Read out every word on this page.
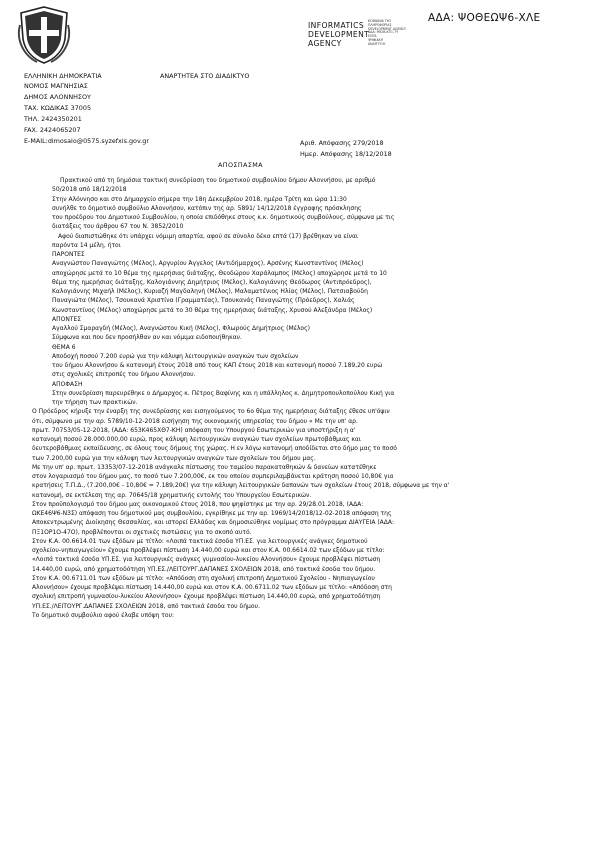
ΕΛΛΗΝΙΚΗ ΔΗΜΟΚΡΑΤΙΑ	ΑΝΑΡΤΗΤΕΑ ΣΤΟ ΔΙΑΔΙΚΤΥΟ
ΝΟΜΟΣ ΜΑΓΝΗΣΙΑΣ
ΔΗΜΟΣ ΑΛΟΝΝΗΣΟΥ
ΤΑΧ. ΚΩΔΙΚΑΣ 37005
ΤΗΛ. 2424350201
FAX. 2424065207
E-MAIL:dimosalo@0575.syzefxis.gov.gr	Αριθ. Απόφασης 279/2018
Ημερ. Απόφασης 18/12/2018
ΑΔΑ: ΨΟΘΕΩΨ6-ΧΛΕ
INFORMATICS
DEVELOPMENT
AGENCY
ΚΟΙΝΩΝΙΑ ΤΗΣ
ΠΛΗΡΟΦΟΡΙΑΣ
DEVELOPMENT AGENCY
ΑΔΑ: 9Θ2Β-ΚΠΞ-7Υ
ΕΣΠΑ
ΨΗΦΙΑΚΗ
ΑΝΑΠΤΥΞΗ
ΑΠΟΣΠΑΣΜΑ
Πρακτικού από τη δημόσια τακτική συνεδρίαση του δημοτικού συμβουλίου δήμου Αλοννήσου, με αριθμό
50/2018 από 18/12/2018
Στην Αλόννησο και στο Δημαρχείο σήμερα την 18η Δεκεμβρίου 2018, ημέρα Τρίτη και ώρα 11:30
συνήλθε το δημοτικό συμβούλιο Αλοννήσου, κατόπιν της αρ. 5891/ 14/12/2018 έγγραφης πρόσκλησης
του προέδρου του Δημοτικού Συμβουλίου, η οποία επιδόθηκε στους κ.κ. δημοτικούς συμβούλους, σύμφωνα με τις
διατάξεις του άρθρου 67 του Ν. 3852/2010
Αφού διαπιστώθηκε ότι υπάρχει νόμιμη απαρτία, αφού σε σύνολο δέκα επτά (17) βρέθηκαν να είναι
παρόντα 14 μέλη, ήτοι
ΠΑΡΟΝΤΕΣ
Αναγνώστου Παναγιώτης (Μέλος), Αργυρίου Άγγελος (Αντιδήμαρχος), Αρσένης Κωνσταντίνος (Μέλος)
αποχώρησε μετά το 10 θέμα της ημερήσιας διάταξης, Θεοδώρου Χαράλαμπος (Μέλος) αποχώρησε μετά το 10
θέμα της ημερήσιας διάταξης, Καλογιάννης Δημήτριος (Μέλος), Καλογιάννης Θεόδωρος (Αντιπρόεδρος),
Καλογιάννης Μιχαήλ (Μέλος), Κυριαζή Μαγδαληνή (Μέλος), Μαλαματένιος Ηλίας (Μέλος), Πατσιαβούδη
Παναγιώτα (Μέλος), Τσουκανά Χριστίνα (Γραμματέας), Τσουκανάς Παναγιώτης (Πρόεδρος), Χαλιάς
Κωνσταντίνος (Μέλος) αποχώρησε μετά το 30 θέμα της ημερήσιας διάταξης, Χρυσού Αλεξάνδρα (Μέλος)
ΑΠΟΝΤΕΣ
Αγαλλού Σμαραγδή (Μέλος), Αναγνώστου Κική (Μέλος), Φλωρούς Δημήτριος (Μέλος)
Σύμφωνα και που δεν προσήλθαν αν και νόμιμα ειδοποιήθηκαν.
ΘΕΜΑ 6
Αποδοχή ποσού 7.200 ευρώ για την κάλυψη λειτουργικών αναγκών των σχολείων
του δήμου Αλοννήσου & κατανομή έτους 2018 από τους ΚΑΠ έτους 2018 και κατανομή ποσού 7.189,20 ευρώ
στις σχολικές επιτροπές του δήμου Αλοννήσου.
ΑΠΟΦΑΣΗ
Στην συνεδρίαση παρευρέθηκε ο Δήμαρχος κ. Πέτρος Βαφίνης και η υπάλληλος κ. Δημητροπουλοπούλου Κική για
την τήρηση των πρακτικών.
Ο Πρόεδρος κήρυξε την έναρξη της συνεδρίασης και εισηγούμενος το 6ο θέμα της ημερήσιας διάταξης έθεσε υπ'όψιν
ότι, σύμφωνα με την αρ. 5789/10-12-2018 εισήγηση της οικονομικής υπηρεσίας του δήμου « Με την υπ' αρ.
πρωτ. 70753/05-12-2018, (ΑΔΑ: 653Κ465ΧΘ7-ΚΗ) απόφαση του Υπουργού Εσωτερικών για υποστήριξη η α'
κατανομή ποσού 28.000.000,00 ευρώ, προς κάλυψη λειτουργικών αναγκών των σχολείων πρωτοβάθμιας και
δευτεροβάθμιας εκπαίδευσης, σε όλους τους δήμους της χώρας. Η εν λόγω κατανομή αποδίδεται στο δήμο μας το ποσό
των 7.200,00 ευρώ για την κάλυψη των λειτουργικών αναγκών των σχολείων του δήμου μας.
Με την υπ' αρ. πρωτ. 13353/07-12-2018 ανάγκαλε πίστωσης του ταμείου παρακαταθηκών & δανείων κατατέθηκε
στον λογαριασμό του δήμου μας, το ποσό των 7.200,00€, εκ του οποίου συμπεριλαμβάνεται κράτηση ποσού 10,80€ για
κρατήσεις Τ.Π.Δ., (7.200,00€ - 10,80€ = 7.189,20€) για την κάλυψη λειτουργικών δαπανών των σχολείων έτους 2018, σύμφωνα με την α'
κατανομή, σε εκτέλεση της αρ. 70645/18 χρηματικής εντολής του Υπουργείου Εσωτερικών.
Στον προϋπολογισμό του δήμου μας οικονομικού έτους 2018, που ψηφίστηκε με την αρ. 29/28.01.2018, (ΑΔΑ:
ΩΚΕ46Ψ6-Ν3Σ) απόφαση του δημοτικού μας συμβουλίου, εγκρίθηκε με την αρ. 1969/14/2018/12-02-2018 απόφαση της
Αποκεντρωμένης Διοίκησης Θεσσαλίας, και ιστορεί Ελλάδας και δημοσιεύθηκε νομίμως στο πρόγραμμα ΔΙΑΥΓΕΙΑ (ΑΔΑ:
ΠΞ1ΟΡ1Ο-47Ο), προβλέπονται οι σχετικές πιστώσεις για το σκοπό αυτό.
Στον Κ.Α. 00.6614.01 των εξόδων με τίτλο: «Λοιπά τακτικά έσοδα ΥΠ.ΕΣ. για λειτουργικές ανάγκες δημοτικού
σχολείου-νηπιαγωγείου» έχουμε προβλέψει πίστωση 14.440,00 ευρώ και στον Κ.Α. 00.6614.02 των εξόδων με τίτλο:
«Λοιπά τακτικά έσοδα ΥΠ.ΕΣ. για λειτουργικές ανάγκες γυμνασίου-λυκείου Αλοννήσου» έχουμε προβλέψει πίστωση
14.440,00 ευρώ, από χρηματοδότηση ΥΠ.ΕΣ./ΛΕΙΤΟΥΡΓ.ΔΑΠΑΝΕΣ ΣΧΟΛΕΙΩΝ 2018, από τακτικά έσοδα του δήμου.
Στον Κ.Α. 00.6711.01 των εξόδων με τίτλο: «Απόδοση στη σχολική επιτροπή Δημοτικού Σχολείου - Νηπιαγωγείου
Αλοννήσου» έχουμε προβλέψει πίστωση 14.440,00 ευρώ και στον Κ.Α. 00.6711.02 των εξόδων με τίτλο: «Απόδοση στη
σχολική επιτροπή γυμνασίου-λυκείου Αλοννήσου» έχουμε προβλέψει πίστωση 14.440,00 ευρώ, από χρηματοδότηση
ΥΠ.ΕΣ./ΛΕΙΤΟΥΡΓ.ΔΑΠΑΝΕΣ ΣΧΟΛΕΙΩΝ 2018, από τακτικά έσοδα του δήμου.
Το δημοτικό συμβούλιο αφού έλαβε υπόψη του:
